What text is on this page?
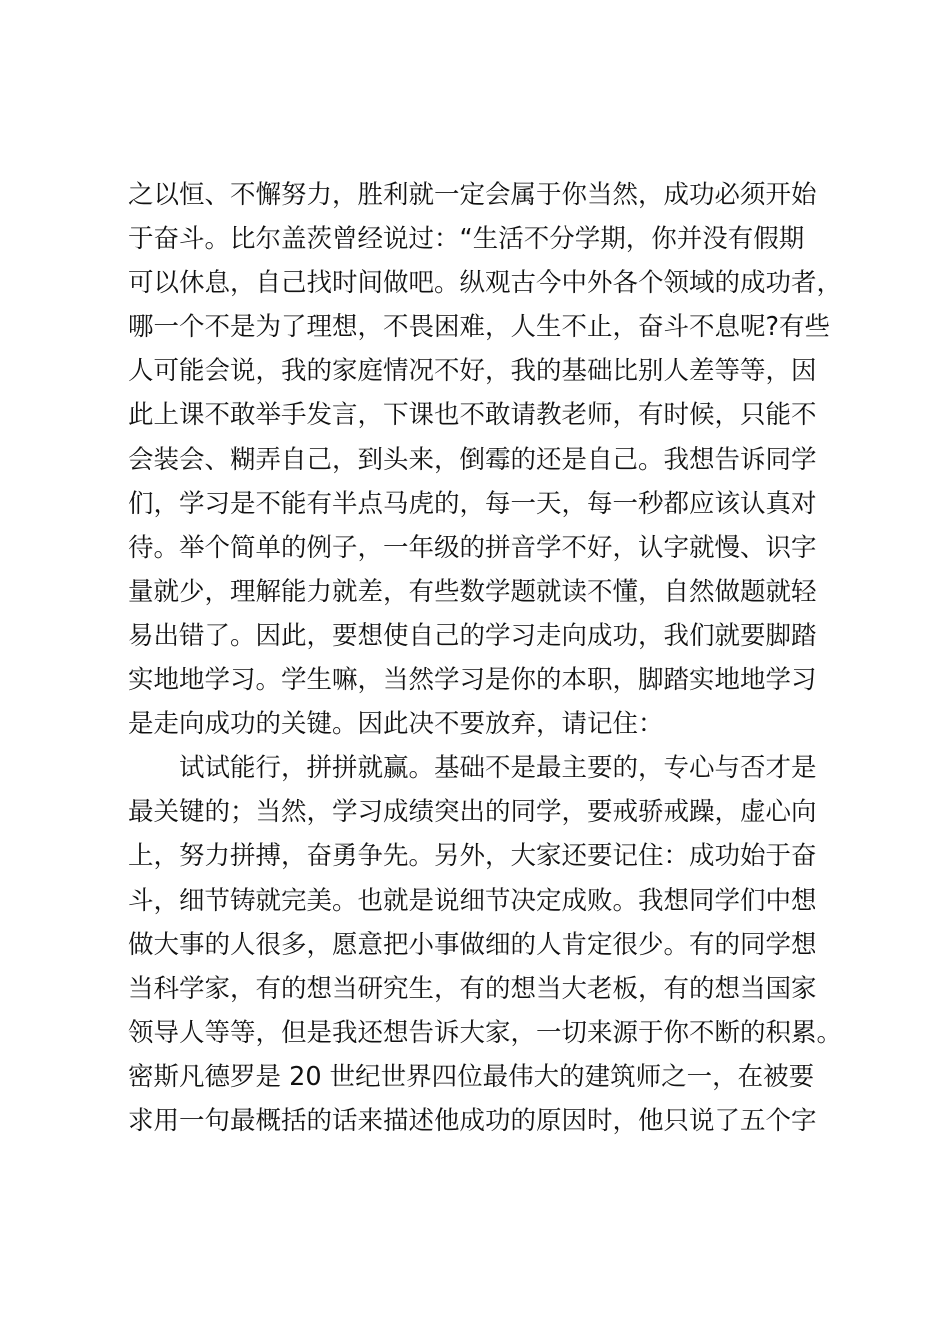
之以恒、不懈努力，胜利就一定会属于你当然，成功必须开始
于奋斗。比尔盖茨曾经说过：“生活不分学期，你并没有假期
可以休息，自己找时间做吧。纵观古今中外各个领域的成功者，
哪一个不是为了理想，不畏困难，人生不止，奋斗不息呢?有些
人可能会说，我的家庭情况不好，我的基础比别人差等等，因
此上课不敢举手发言，下课也不敢请教老师，有时候，只能不
会装会、糊弄自己，到头来，倒霉的还是自己。我想告诉同学
们，学习是不能有半点马虎的，每一天，每一秒都应该认真对
待。举个简单的例子，一年级的拼音学不好，认字就慢、识字
量就少，理解能力就差，有些数学题就读不懂，自然做题就轻
易出错了。因此，要想使自己的学习走向成功，我们就要脚踏
实地地学习。学生嘛，当然学习是你的本职，脚踏实地地学习
是走向成功的关键。因此决不要放弃，请记住：
　　试试能行，拼拼就赢。基础不是最主要的，专心与否才是
最关键的；当然，学习成绩突出的同学，要戒骄戒躁，虚心向
上，努力拼搏，奋勇争先。另外，大家还要记住：成功始于奋
斗，细节铸就完美。也就是说细节决定成败。我想同学们中想
做大事的人很多，愿意把小事做细的人肯定很少。有的同学想
当科学家，有的想当研究生，有的想当大老板，有的想当国家
领导人等等，但是我还想告诉大家，一切来源于你不断的积累。
密斯凡德罗是 20 世纪世界四位最伟大的建筑师之一，在被要
求用一句最概括的话来描述他成功的原因时，他只说了五个字
